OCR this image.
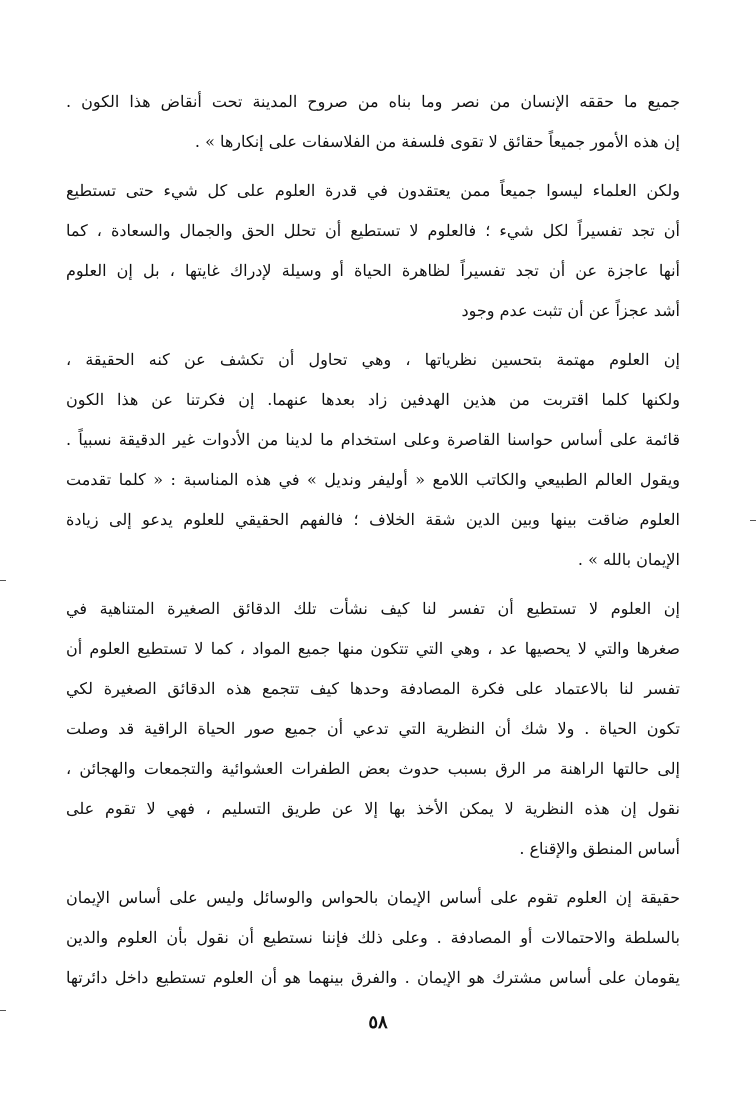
جميع ما حققه الإنسان من نصر وما بناه من صروح المدينة تحت أنقاض هذا الكون .
إن هذه الأمور جميعاً حقائق لا تقوى فلسفة من الفلاسفات على إنكارها » .
ولكن العلماء ليسوا جميعاً ممن يعتقدون في قدرة العلوم على كل شيء حتى تستطيع
أن تجد تفسيراً لكل شيء ؛ فالعلوم لا تستطيع أن تحلل الحق والجمال والسعادة ، كما
أنها عاجزة عن أن تجد تفسيراً لظاهرة الحياة أو وسيلة لإدراك غايتها ، بل إن العلوم
أشد عجزاً عن أن تثبت عدم وجود
إن العلوم مهتمة بتحسين نظرياتها ، وهي تحاول أن تكشف عن كنه الحقيقة ،
ولكنها كلما اقتربت من هذين الهدفين زاد بعدها عنهما. إن فكرتنا عن هذا الكون
قائمة على أساس حواسنا القاصرة وعلى استخدام ما لدينا من الأدوات غير الدقيقة نسبياً .
ويقول العالم الطبيعي والكاتب اللامع « أوليفر ونديل » في هذه المناسبة : « كلما تقدمت
العلوم ضاقت بينها وبين الدين شقة الخلاف ؛ فالفهم الحقيقي للعلوم يدعو إلى زيادة
الإيمان بالله » .
إن العلوم لا تستطيع أن تفسر لنا كيف نشأت تلك الدقائق الصغيرة المتناهية في
صغرها والتي لا يحصيها عد ، وهي التي تتكون منها جميع المواد ، كما لا تستطيع العلوم أن
تفسر لنا بالاعتماد على فكرة المصادفة وحدها كيف تتجمع هذه الدقائق الصغيرة لكي
تكون الحياة . ولا شك أن النظرية التي تدعي أن جميع صور الحياة الراقية قد وصلت
إلى حالتها الراهنة مر الرق بسبب حدوث بعض الطفرات العشوائية والتجمعات والهجائن ،
نقول إن هذه النظرية لا يمكن الأخذ بها إلا عن طريق التسليم ، فهي لا تقوم على
أساس المنطق والإقناع .
حقيقة إن العلوم تقوم على أساس الإيمان بالحواس والوسائل وليس على أساس الإيمان
بالسلطة والاحتمالات أو المصادفة . وعلى ذلك فإننا نستطيع أن نقول بأن العلوم والدين
يقومان على أساس مشترك هو الإيمان . والفرق بينهما هو أن العلوم تستطيع داخل دائرتها
٥٨
